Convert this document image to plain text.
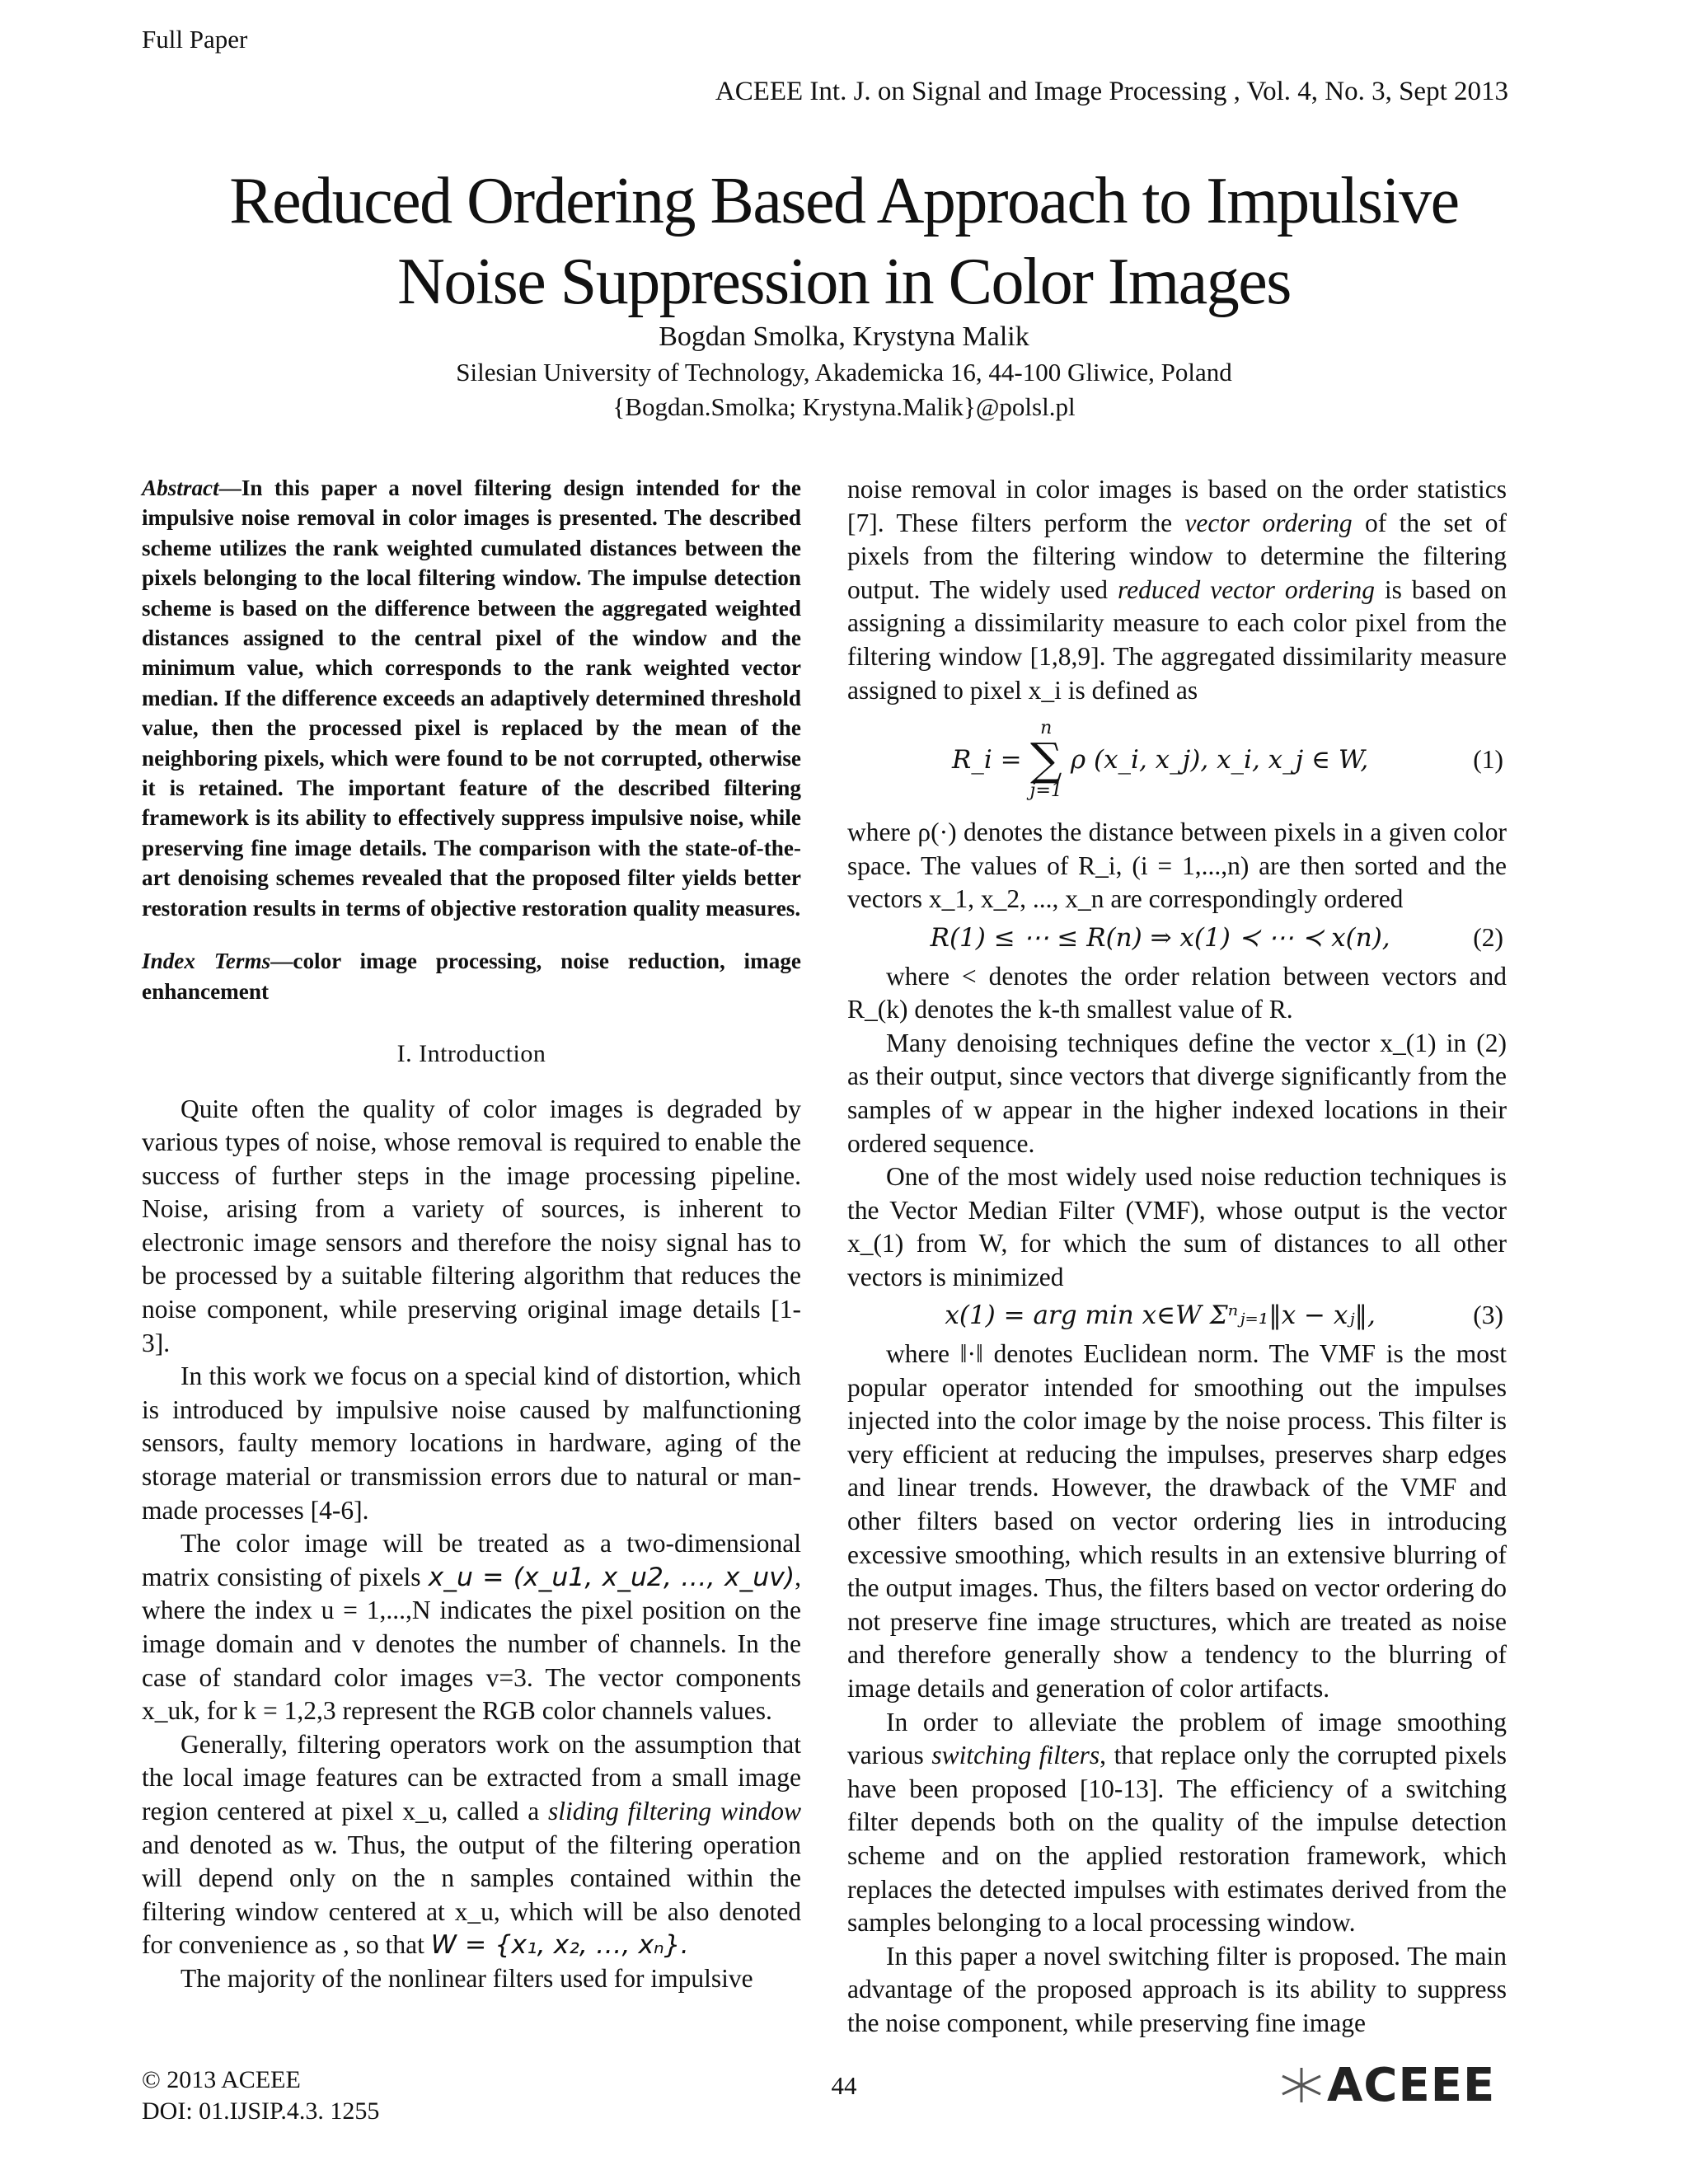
Full Paper
ACEEE Int. J. on Signal and Image Processing , Vol. 4, No. 3, Sept 2013
Reduced Ordering Based Approach to Impulsive
Noise Suppression in Color Images
Bogdan Smolka, Krystyna Malik
Silesian University of Technology, Akademicka 16, 44-100 Gliwice, Poland
{Bogdan.Smolka; Krystyna.Malik}@polsl.pl

Abstract—In this paper a novel filtering design intended for the impulsive noise removal in color images is presented. The described scheme utilizes the rank weighted cumulated distances between the pixels belonging to the local filtering window. The impulse detection scheme is based on the difference between the aggregated weighted distances assigned to the central pixel of the window and the minimum value, which corresponds to the rank weighted vector median. If the difference exceeds an adaptively determined threshold value, then the processed pixel is replaced by the mean of the neighboring pixels, which were found to be not corrupted, otherwise it is retained. The important feature of the described filtering framework is its ability to effectively suppress impulsive noise, while preserving fine image details. The comparison with the state-of-the-art denoising schemes revealed that the proposed filter yields better restoration results in terms of objective restoration quality measures.

Index Terms—color image processing, noise reduction, image enhancement

I. Introduction

Quite often the quality of color images is degraded by various types of noise, whose removal is required to enable the success of further steps in the image processing pipeline. Noise, arising from a variety of sources, is inherent to electronic image sensors and therefore the noisy signal has to be processed by a suitable filtering algorithm that reduces the noise component, while preserving original image details [1-3].

In this work we focus on a special kind of distortion, which is introduced by impulsive noise caused by malfunctioning sensors, faulty memory locations in hardware, aging of the storage material or transmission errors due to natural or man-made processes [4-6].

The color image will be treated as a two-dimensional matrix consisting of pixels x_u = (x_u1, x_u2, …, x_uv), where the index u = 1,...,N indicates the pixel position on the image domain and v denotes the number of channels. In the case of standard color images v=3. The vector components x_uk, for k = 1,2,3 represent the RGB color channels values.

Generally, filtering operators work on the assumption that the local image features can be extracted from a small image region centered at pixel x_u, called a sliding filtering window and denoted as w. Thus, the output of the filtering operation will depend only on the n samples contained within the filtering window centered at x_u, which will be also denoted for convenience as , so that W = {x₁, x₂, …, xₙ}.

The majority of the nonlinear filters used for impulsive

noise removal in color images is based on the order statistics [7]. These filters perform the vector ordering of the set of pixels from the filtering window to determine the filtering output. The widely used reduced vector ordering is based on assigning a dissimilarity measure to each color pixel from the filtering window [1,8,9]. The aggregated dissimilarity measure assigned to pixel x_i is defined as

R_i =
n
∑
j=1
ρ (x_i, x_j), x_i, x_j ∈ W,	(1)

where ρ(·) denotes the distance between pixels in a given color space. The values of R_i, (i = 1,...,n) are then sorted and the vectors x_1, x_2, ..., x_n are correspondingly ordered

R(1) ≤ ⋯ ≤ R(n) ⇒ x(1) ≺ ⋯ ≺ x(n),	(2)

where < denotes the order relation between vectors and R_(k) denotes the k-th smallest value of R.

Many denoising techniques define the vector x_(1) in (2) as their output, since vectors that diverge significantly from the samples of w appear in the higher indexed locations in their ordered sequence.

One of the most widely used noise reduction techniques is the Vector Median Filter (VMF), whose output is the vector x_(1) from W, for which the sum of distances to all other vectors is minimized

x(1) = arg min x∈W Σⁿⱼ₌₁‖x − xⱼ‖,	(3)

where ‖·‖ denotes Euclidean norm. The VMF is the most popular operator intended for smoothing out the impulses injected into the color image by the noise process. This filter is very efficient at reducing the impulses, preserves sharp edges and linear trends. However, the drawback of the VMF and other filters based on vector ordering lies in introducing excessive smoothing, which results in an extensive blurring of the output images. Thus, the filters based on vector ordering do not preserve fine image structures, which are treated as noise and therefore generally show a tendency to the blurring of image details and generation of color artifacts.

In order to alleviate the problem of image smoothing various switching filters, that replace only the corrupted pixels have been proposed [10-13]. The efficiency of a switching filter depends both on the quality of the impulse detection scheme and on the applied restoration framework, which replaces the detected impulses with estimates derived from the samples belonging to a local processing window.

In this paper a novel switching filter is proposed. The main advantage of the proposed approach is its ability to suppress the noise component, while preserving fine image

© 2013 ACEEE
DOI: 01.IJSIP.4.3. 1255
44	ACEEE
